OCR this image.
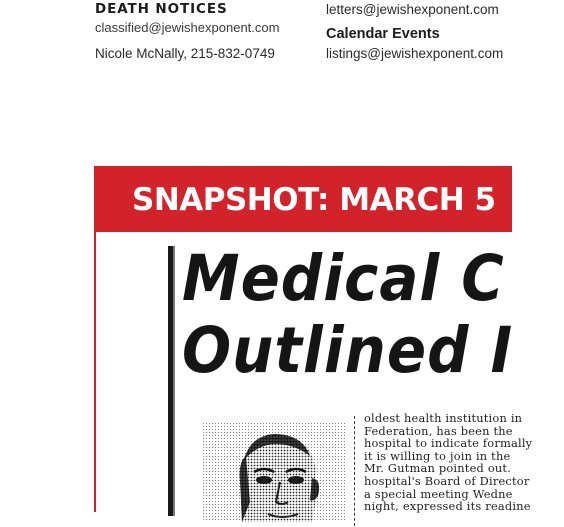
DEATH NOTICES
classified@jewishexponent.com
Nicole McNally, 215-832-0749
letters@jewishexponent.com
Calendar Events
listings@jewishexponent.com
SNAPSHOT: MARCH 5
Medical C
Outlined I
oldest health institution in
Federation, has been the
hospital to indicate formally
it is willing to join in the
Mr. Gutman pointed out.
hospital's Board of Director
a special meeting Wedne
night, expressed its readine
